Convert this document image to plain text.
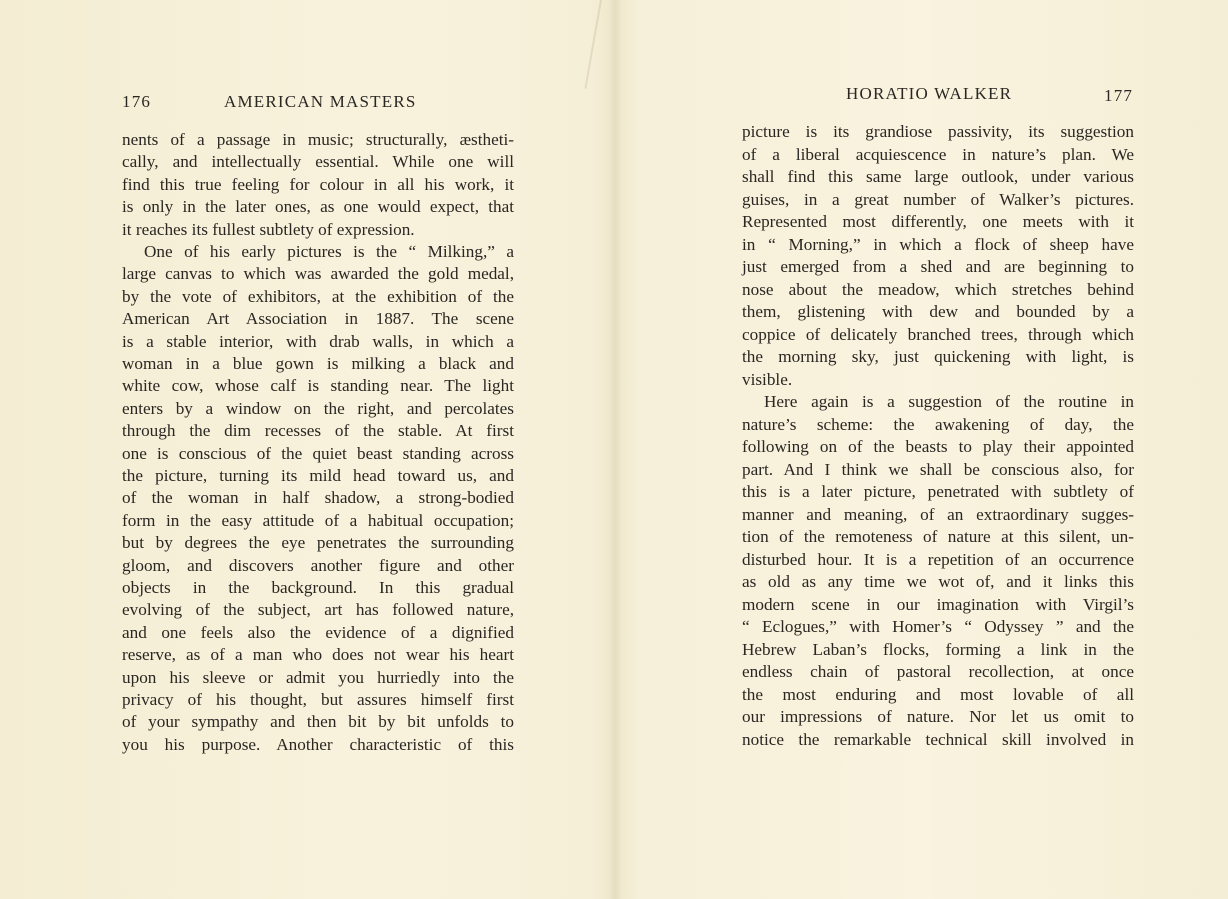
176	AMERICAN MASTERS
nents of a passage in music; structurally, æstheti-
cally, and intellectually essential. While one will
find this true feeling for colour in all his work, it
is only in the later ones, as one would expect, that
it reaches its fullest subtlety of expression.
One of his early pictures is the “ Milking,” a
large canvas to which was awarded the gold medal,
by the vote of exhibitors, at the exhibition of the
American Art Association in 1887. The scene
is a stable interior, with drab walls, in which a
woman in a blue gown is milking a black and
white cow, whose calf is standing near. The light
enters by a window on the right, and percolates
through the dim recesses of the stable. At first
one is conscious of the quiet beast standing across
the picture, turning its mild head toward us, and
of the woman in half shadow, a strong-bodied
form in the easy attitude of a habitual occupation;
but by degrees the eye penetrates the surrounding
gloom, and discovers another figure and other
objects in the background. In this gradual
evolving of the subject, art has followed nature,
and one feels also the evidence of a dignified
reserve, as of a man who does not wear his heart
upon his sleeve or admit you hurriedly into the
privacy of his thought, but assures himself first
of your sympathy and then bit by bit unfolds to
you his purpose. Another characteristic of this
HORATIO WALKER	177
picture is its grandiose passivity, its suggestion
of a liberal acquiescence in nature’s plan. We
shall find this same large outlook, under various
guises, in a great number of Walker’s pictures.
Represented most differently, one meets with it
in “ Morning,” in which a flock of sheep have
just emerged from a shed and are beginning to
nose about the meadow, which stretches behind
them, glistening with dew and bounded by a
coppice of delicately branched trees, through which
the morning sky, just quickening with light, is
visible.
Here again is a suggestion of the routine in
nature’s scheme: the awakening of day, the
following on of the beasts to play their appointed
part. And I think we shall be conscious also, for
this is a later picture, penetrated with subtlety of
manner and meaning, of an extraordinary sugges-
tion of the remoteness of nature at this silent, un-
disturbed hour. It is a repetition of an occurrence
as old as any time we wot of, and it links this
modern scene in our imagination with Virgil’s
“ Eclogues,” with Homer’s “ Odyssey ” and the
Hebrew Laban’s flocks, forming a link in the
endless chain of pastoral recollection, at once
the most enduring and most lovable of all
our impressions of nature. Nor let us omit to
notice the remarkable technical skill involved in
